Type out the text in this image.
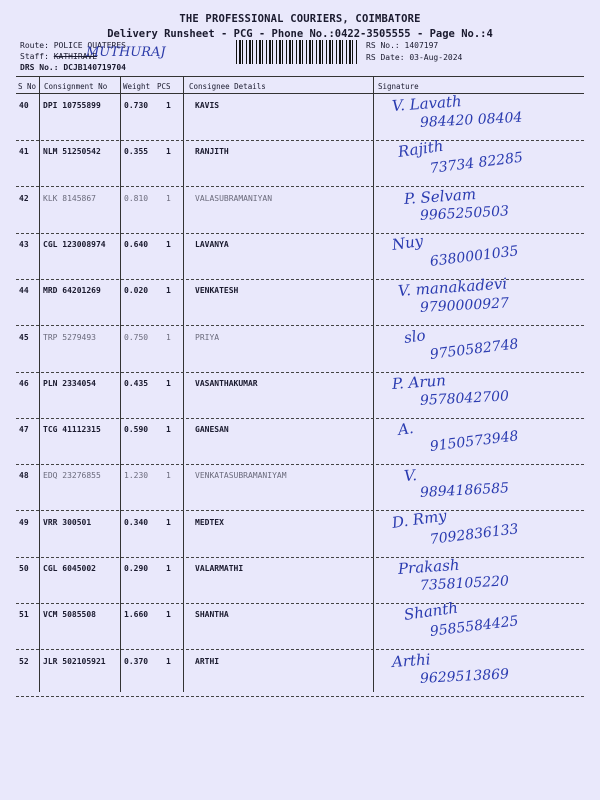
THE PROFESSIONAL COURIERS, COIMBATORE
Delivery Runsheet - PCG - Phone No.:0422-3505555 - Page No.:4
Route: POLICE QUATERES
Staff: KATHIRAVE
MUTHURAJ
DRS No.: DCJB140719704
RS No.: 1407197
RS Date: 03-Aug-2024
S No Consignment No Weight PCS Consignee Details	Signature
40 DPI 10755899	0.730 1	KAVIS	V. Lavath
984420 08404
41 NLM 51250542	0.355 1	RANJITH	Rajith
73734 82285
42 KLK 8145867	0.810 1	VALASUBRAMANIYAN	P. Selvam
9965250503
43 CGL 123008974 0.640 1	LAVANYA	Nuy
6380001035
44 MRD 64201269	0.020 1	VENKATESH	V. manakadevi
9790000927
45 TRP 5279493	0.750 1	PRIYA	slo 9750582748
46 PLN 2334054	0.435 1	VASANTHAKUMAR	P. Arun
9578042700
47 TCG 41112315	0.590 1	GANESAN	A. 9150573948
48 EDQ 23276855	1.230 1	VENKATASUBRAMANIYAM	V.
9894186585
49 VRR 300501	0.340 1	MEDTEX	D. Rmy
7092836133
50 CGL 6045002	0.290 1	VALARMATHI	Prakash
7358105220
51 VCM 5085508	1.660 1	SHANTHA	Shanth
9585584425
52 JLR 502105921 0.370 1	ARTHI	Arthi
9629513869
